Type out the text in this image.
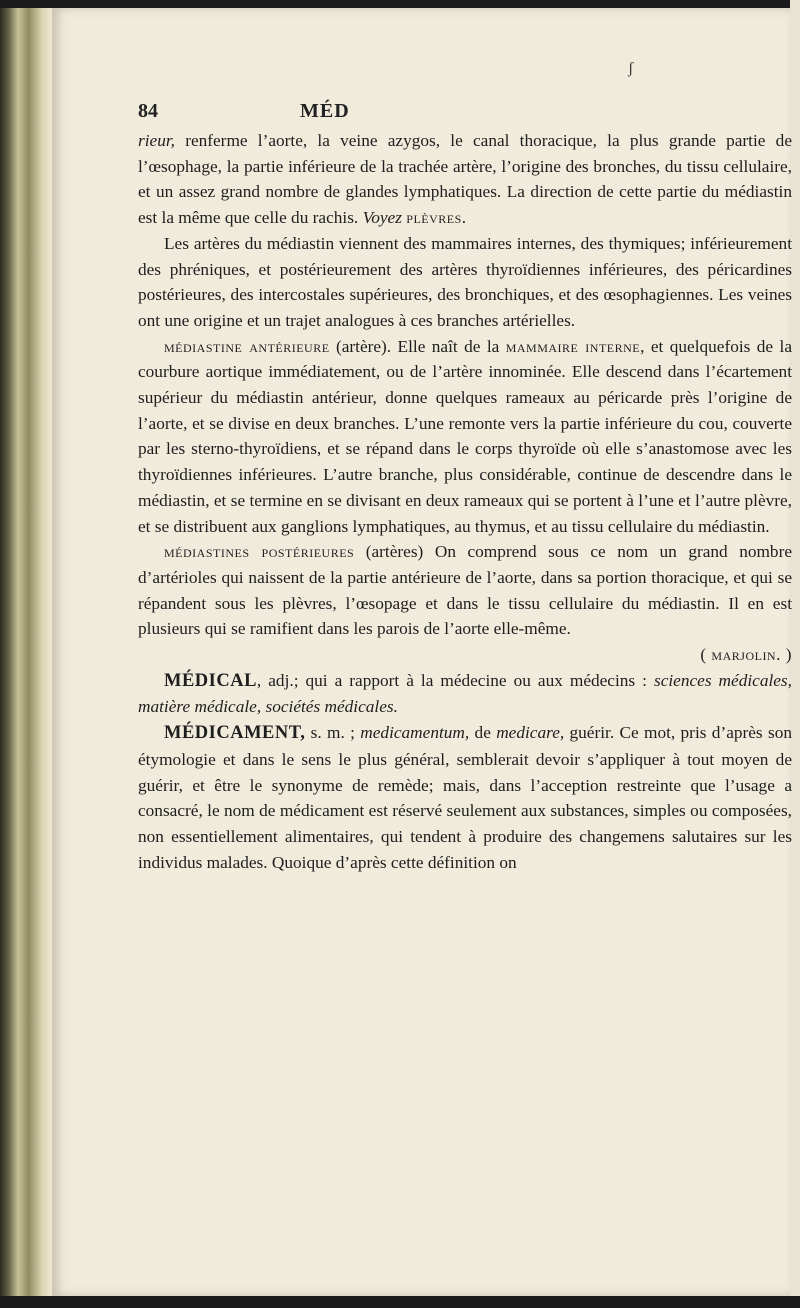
ʃ
84	MÉD

rieur, renferme l’aorte, la veine azygos, le canal thoracique, la plus grande partie de l’œsophage, la partie inférieure de la trachée artère, l’origine des bronches, du tissu cellulaire, et un assez grand nombre de glandes lymphatiques. La direction de cette partie du médiastin est la même que celle du rachis. Voyez plèvres.

Les artères du médiastin viennent des mammaires internes, des thymiques; inférieurement des phréniques, et postérieurement des artères thyroïdiennes inférieures, des péricardines postérieures, des intercostales supérieures, des bronchiques, et des œsophagiennes. Les veines ont une origine et un trajet analogues à ces branches artérielles.

médiastine antérieure (artère). Elle naît de la mammaire interne, et quelquefois de la courbure aortique immédiatement, ou de l’artère innominée. Elle descend dans l’écartement supérieur du médiastin antérieur, donne quelques rameaux au péricarde près l’origine de l’aorte, et se divise en deux branches. L’une remonte vers la partie inférieure du cou, couverte par les sterno-thyroïdiens, et se répand dans le corps thyroïde où elle s’anastomose avec les thyroïdiennes inférieures. L’autre branche, plus considérable, continue de descendre dans le médiastin, et se termine en se divisant en deux rameaux qui se portent à l’une et l’autre plèvre, et se distribuent aux ganglions lymphatiques, au thymus, et au tissu cellulaire du médiastin.

médiastines postérieures (artères) On comprend sous ce nom un grand nombre d’artérioles qui naissent de la partie antérieure de l’aorte, dans sa portion thoracique, et qui se répandent sous les plèvres, l’œsopage et dans le tissu cellulaire du médiastin. Il en est plusieurs qui se ramifient dans les parois de l’aorte elle-même.

( marjolin. )

MÉDICAL, adj.; qui a rapport à la médecine ou aux médecins : sciences médicales, matière médicale, sociétés médicales.

MÉDICAMENT, s. m. ; medicamentum, de medicare, guérir. Ce mot, pris d’après son étymologie et dans le sens le plus général, semblerait devoir s’appliquer à tout moyen de guérir, et être le synonyme de remède; mais, dans l’acception restreinte que l’usage a consacré, le nom de médicament est réservé seulement aux substances, simples ou composées, non essentiellement alimentaires, qui tendent à produire des changemens salutaires sur les individus malades. Quoique d’après cette définition on
